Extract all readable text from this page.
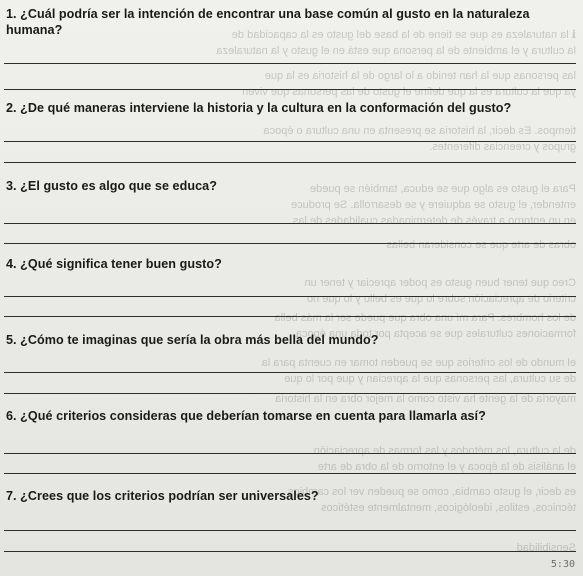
ℹ la naturaleza es que se tiene de la base del gusto es la capacidad de
la cultura y el ambiente de la persona que está en el gusto y la naturaleza
las personas que la han tenido a lo largo de la historia es la que
ya que la cultura es la que define el gusto de las personas que viven
tiempos. Es decir, la historia se presenta en una cultura o época
grupos y creencias diferentes.
Para el gusto es algo que se educa, también se puede
entender, el gusto se adquiere y se desarrolla. Se produce
en un entorno a través de determinadas cualidades de las
obras de arte que se consideran bellas
Creo que tener buen gusto es poder apreciar y tener un
criterio de apreciación sobre lo que es bello y lo que no
de los hombres. Para mí una obra que puede ser la más bella
formaciones culturales que se acepta por toda una época
el mundo de los criterios que se pueden tomar en cuenta para la
de su cultura, las personas que la aprecian y que por lo que
mayoría de la gente ha visto como la mejor obra en la historia
de la cultura, los métodos y las formas de apreciación
el análisis de la época y el entorno de la obra de arte
es decir, el gusto cambia, como se pueden ver los cambios
técnicos, estilos, ideológicos, mentalmente estéticos
Sensibilidad

1. ¿Cuál podría ser la intención de encontrar una base común al gusto en la naturaleza humana?

2. ¿De qué maneras interviene la historia y la cultura en la conformación del gusto?

3. ¿El gusto es algo que se educa?

4. ¿Qué significa tener buen gusto?

5. ¿Cómo te imaginas que sería la obra más bella del mundo?

6. ¿Qué criterios consideras que deberían tomarse en cuenta para llamarla así?

7. ¿Crees que los criterios podrían ser universales?

5:30
